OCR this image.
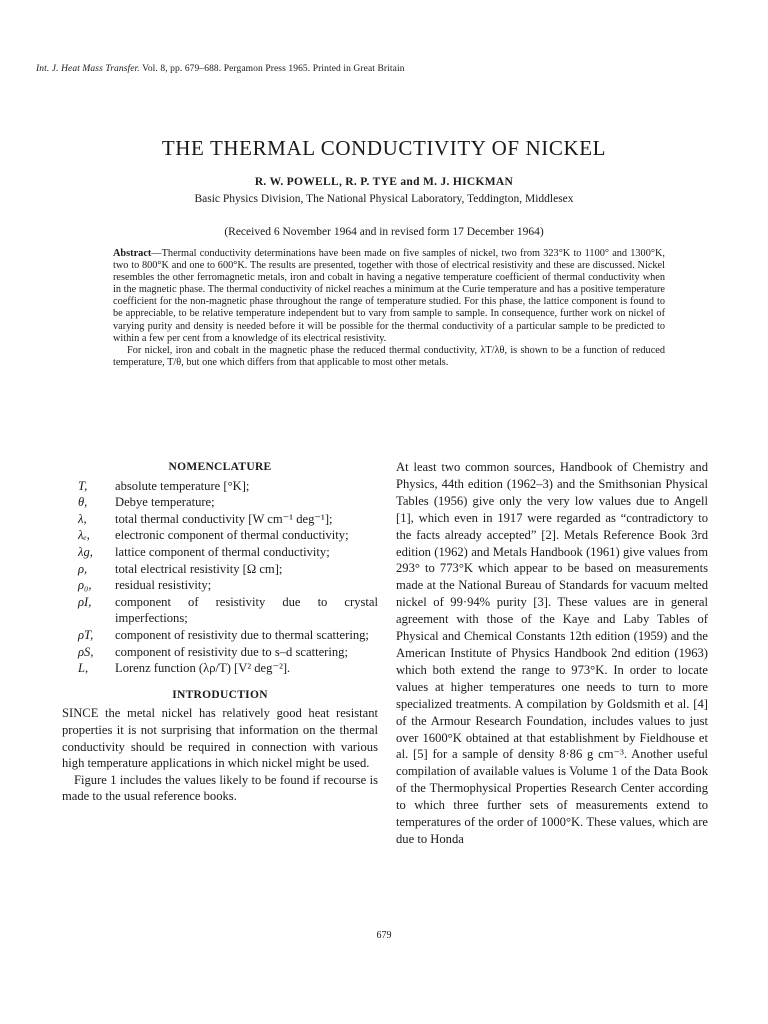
Int. J. Heat Mass Transfer. Vol. 8, pp. 679–688. Pergamon Press 1965. Printed in Great Britain
THE THERMAL CONDUCTIVITY OF NICKEL
R. W. POWELL, R. P. TYE and M. J. HICKMAN
Basic Physics Division, The National Physical Laboratory, Teddington, Middlesex
(Received 6 November 1964 and in revised form 17 December 1964)

Abstract—Thermal conductivity determinations have been made on five samples of nickel, two from 323°K to 1100° and 1300°K, two to 800°K and one to 600°K. The results are presented, together with those of electrical resistivity and these are discussed. Nickel resembles the other ferromagnetic metals, iron and cobalt in having a negative temperature coefficient of thermal conductivity when in the magnetic phase. The thermal conductivity of nickel reaches a minimum at the Curie temperature and has a positive temperature coefficient for the non-magnetic phase throughout the range of temperature studied. For this phase, the lattice component is found to be appreciable, to be relative temperature independent but to vary from sample to sample. In consequence, further work on nickel of varying purity and density is needed before it will be possible for the thermal conductivity of a particular sample to be predicted to within a few per cent from a knowledge of its electrical resistivity.

For nickel, iron and cobalt in the magnetic phase the reduced thermal conductivity, λT/λθ, is shown to be a function of reduced temperature, T/θ, but one which differs from that applicable to most other metals.

NOMENCLATURE
T,	absolute temperature [°K];
θ,	Debye temperature;
λ,	total thermal conductivity [W cm⁻¹ deg⁻¹];
λₑ,	electronic component of thermal conductivity;
λg,	lattice component of thermal conductivity;
ρ,	total electrical resistivity [Ω cm];
ρ₀,	residual resistivity;
ρI,	component of resistivity due to crystal imperfections;
ρT,	component of resistivity due to thermal scattering;
ρS,	component of resistivity due to s–d scattering;
L,	Lorenz function (λρ/T) [V² deg⁻²].
INTRODUCTION

SINCE the metal nickel has relatively good heat resistant properties it is not surprising that information on the thermal conductivity should be required in connection with various high temperature applications in which nickel might be used.

Figure 1 includes the values likely to be found if recourse is made to the usual reference books.

At least two common sources, Handbook of Chemistry and Physics, 44th edition (1962–3) and the Smithsonian Physical Tables (1956) give only the very low values due to Angell [1], which even in 1917 were regarded as “contradictory to the facts already accepted” [2]. Metals Reference Book 3rd edition (1962) and Metals Handbook (1961) give values from 293° to 773°K which appear to be based on measurements made at the National Bureau of Standards for vacuum melted nickel of 99·94% purity [3]. These values are in general agreement with those of the Kaye and Laby Tables of Physical and Chemical Constants 12th edition (1959) and the American Institute of Physics Handbook 2nd edition (1963) which both extend the range to 973°K. In order to locate values at higher temperatures one needs to turn to more specialized treatments. A compilation by Goldsmith et al. [4] of the Armour Research Foundation, includes values to just over 1600°K obtained at that establishment by Fieldhouse et al. [5] for a sample of density 8·86 g cm⁻³. Another useful compilation of available values is Volume 1 of the Data Book of the Thermophysical Properties Research Center according to which three further sets of measurements extend to temperatures of the order of 1000°K. These values, which are due to Honda

679
